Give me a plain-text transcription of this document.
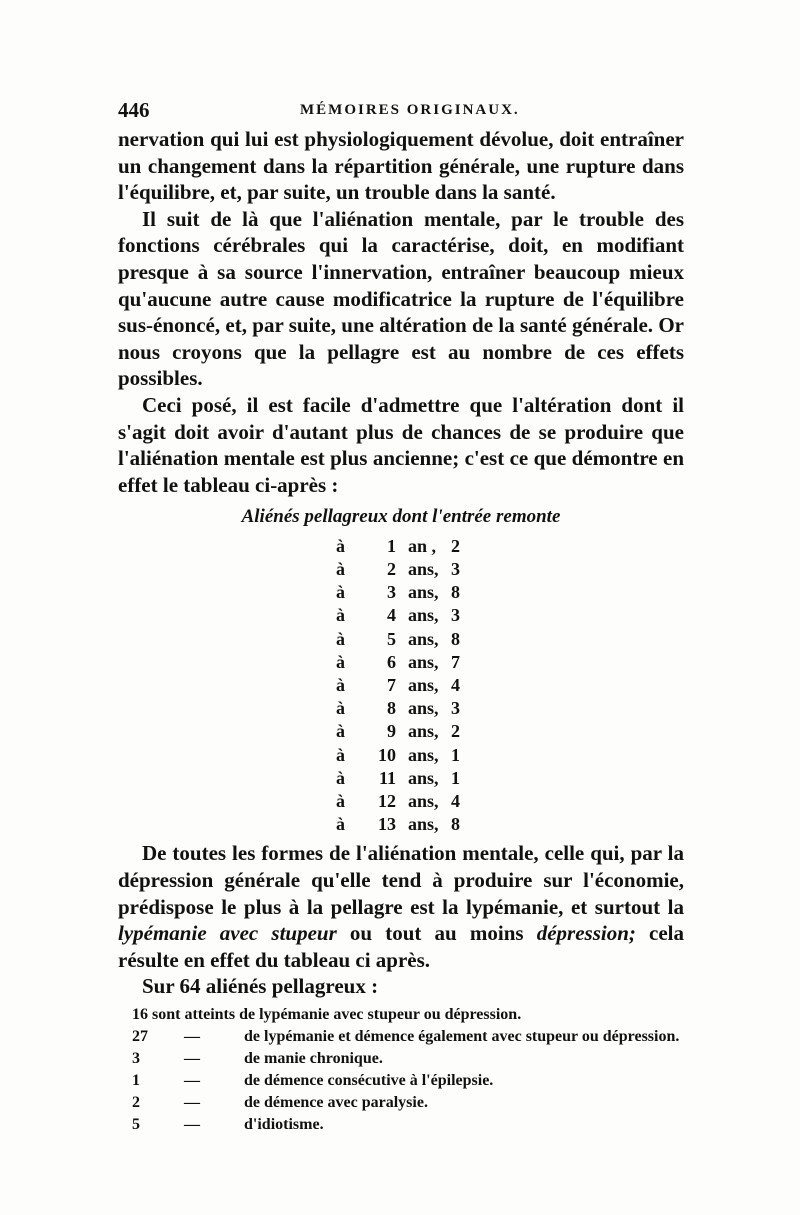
446	MÉMOIRES ORIGINAUX.

nervation qui lui est physiologiquement dévolue, doit entraîner un changement dans la répartition générale, une rupture dans l'équilibre, et, par suite, un trouble dans la santé.

Il suit de là que l'aliénation mentale, par le trouble des fonctions cérébrales qui la caractérise, doit, en modifiant presque à sa source l'innervation, entraîner beaucoup mieux qu'aucune autre cause modificatrice la rupture de l'équilibre sus-énoncé, et, par suite, une altération de la santé générale. Or nous croyons que la pellagre est au nombre de ces effets possibles.

Ceci posé, il est facile d'admettre que l'altération dont il s'agit doit avoir d'autant plus de chances de se produire que l'aliénation mentale est plus ancienne; c'est ce que démontre en effet le tableau ci-après :

Aliénés pellagreux dont l'entrée remonte
à 1 an , 2
à 2 ans, 3
à 3 ans, 8
à 4 ans, 3
à 5 ans, 8
à 6 ans, 7
à 7 ans, 4
à 8 ans, 3
à 9 ans, 2
à 10 ans, 1
à 11 ans, 1
à 12 ans, 4
à 13 ans, 8

De toutes les formes de l'aliénation mentale, celle qui, par la dépression générale qu'elle tend à produire sur l'économie, prédispose le plus à la pellagre est la lypémanie, et surtout la lypémanie avec stupeur ou tout au moins dépression; cela résulte en effet du tableau ci après.

Sur 64 aliénés pellagreux :

16 sont atteints de lypémanie avec stupeur ou dépression.
27 —	de lypémanie et démence également avec stupeur ou dépression.
3	—	de manie chronique.
1	—	de démence consécutive à l'épilepsie.
2	—	de démence avec paralysie.
5	—	d'idiotisme.
